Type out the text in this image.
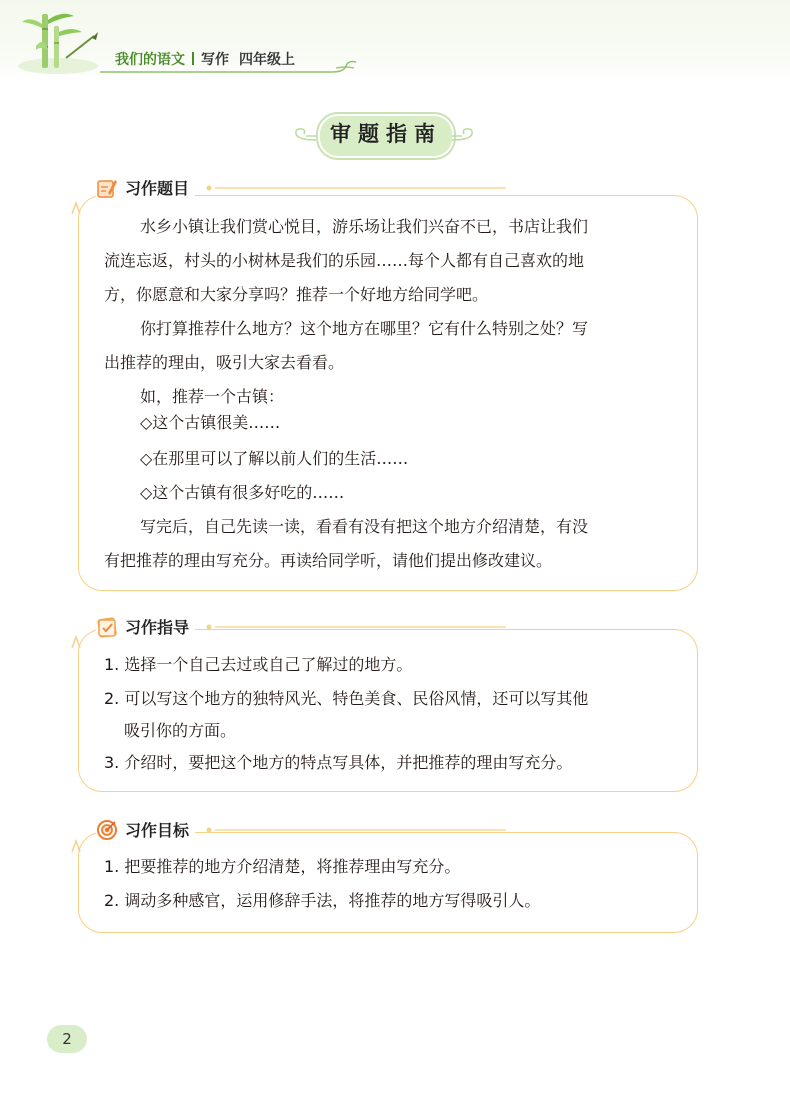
我们的语文 写作 四年级上
审题指南
习作题目
水乡小镇让我们赏心悦目，游乐场让我们兴奋不已，书店让我们
流连忘返，村头的小树林是我们的乐园……每个人都有自己喜欢的地
方，你愿意和大家分享吗？推荐一个好地方给同学吧。
你打算推荐什么地方？这个地方在哪里？它有什么特别之处？写
出推荐的理由，吸引大家去看看。
如，推荐一个古镇：
◇这个古镇很美……
◇在那里可以了解以前人们的生活……
◇这个古镇有很多好吃的……
写完后，自己先读一读，看看有没有把这个地方介绍清楚，有没
有把推荐的理由写充分。再读给同学听，请他们提出修改建议。
习作指导
1. 选择一个自己去过或自己了解过的地方。
2. 可以写这个地方的独特风光、特色美食、民俗风情，还可以写其他
吸引你的方面。
3. 介绍时，要把这个地方的特点写具体，并把推荐的理由写充分。
习作目标
1. 把要推荐的地方介绍清楚，将推荐理由写充分。
2. 调动多种感官，运用修辞手法，将推荐的地方写得吸引人。
2
